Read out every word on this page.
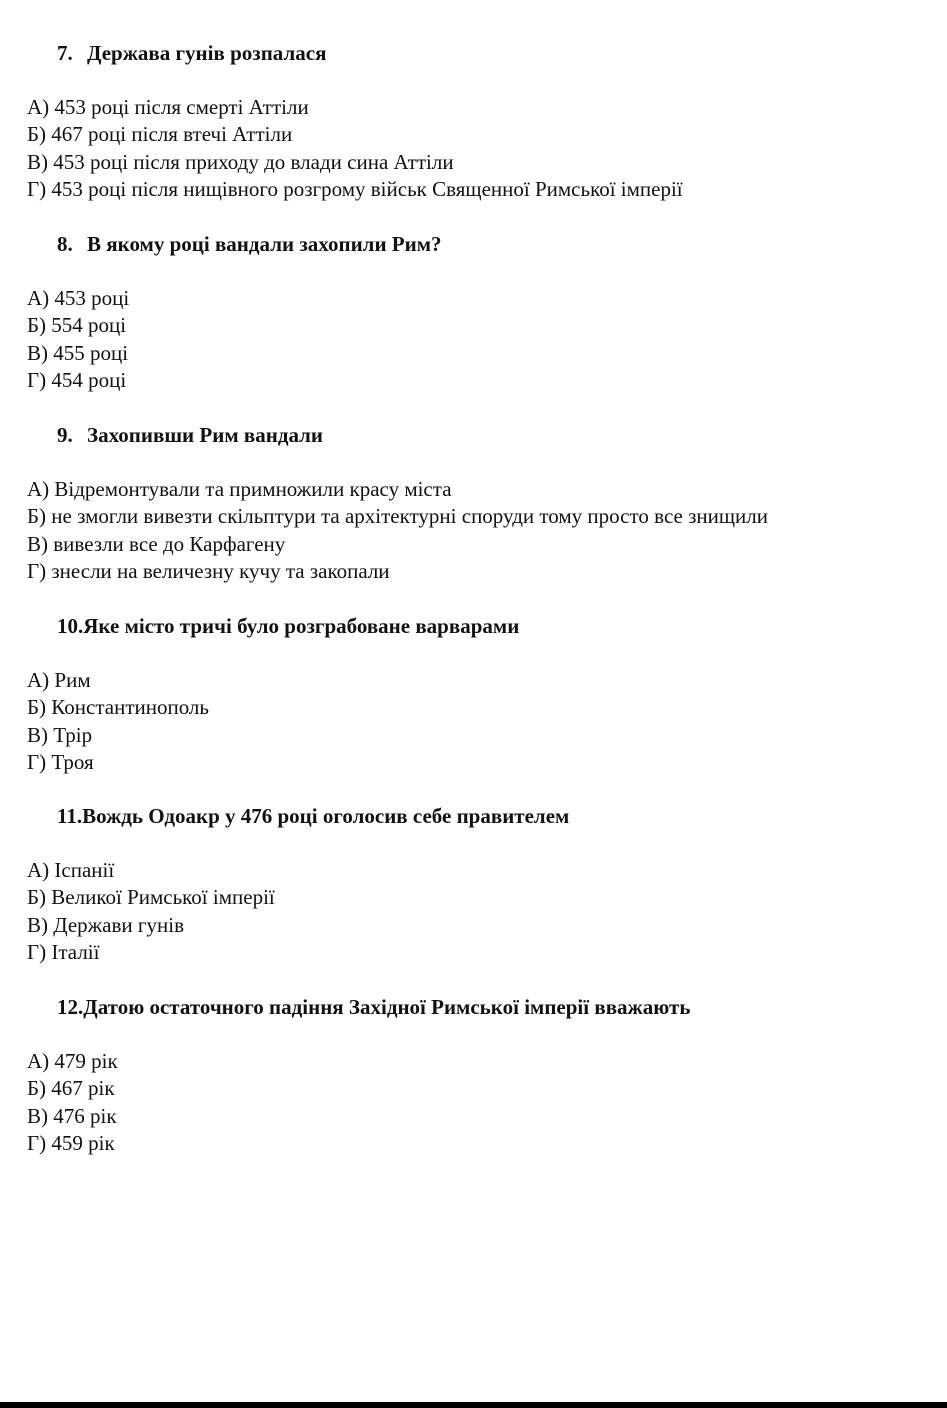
7. Держава гунів розпалася
А) 453 році після смерті Аттіли
Б) 467 році після втечі Аттіли
В) 453 році після приходу до влади сина Аттіли
Г) 453 році після нищівного розгрому військ Священної Римської імперії
8. В якому році вандали захопили Рим?
А) 453 році
Б) 554 році
В) 455 році
Г) 454 році
9. Захопивши Рим вандали
А) Відремонтували та примножили красу міста
Б) не змогли вивезти скільптури та архітектурні споруди тому просто все знищили
В) вивезли все до Карфагену
Г) знесли на величезну кучу та закопали
10.Яке місто тричі було розграбоване варварами
А) Рим
Б) Константинополь
В) Трір
Г) Троя
11.Вождь Одоакр у 476 році оголосив себе правителем
А) Іспанії
Б) Великої Римської імперії
В) Держави гунів
Г) Італії
12.Датою остаточного падіння Західної Римської імперії вважають
А) 479 рік
Б) 467 рік
В) 476 рік
Г) 459 рік
